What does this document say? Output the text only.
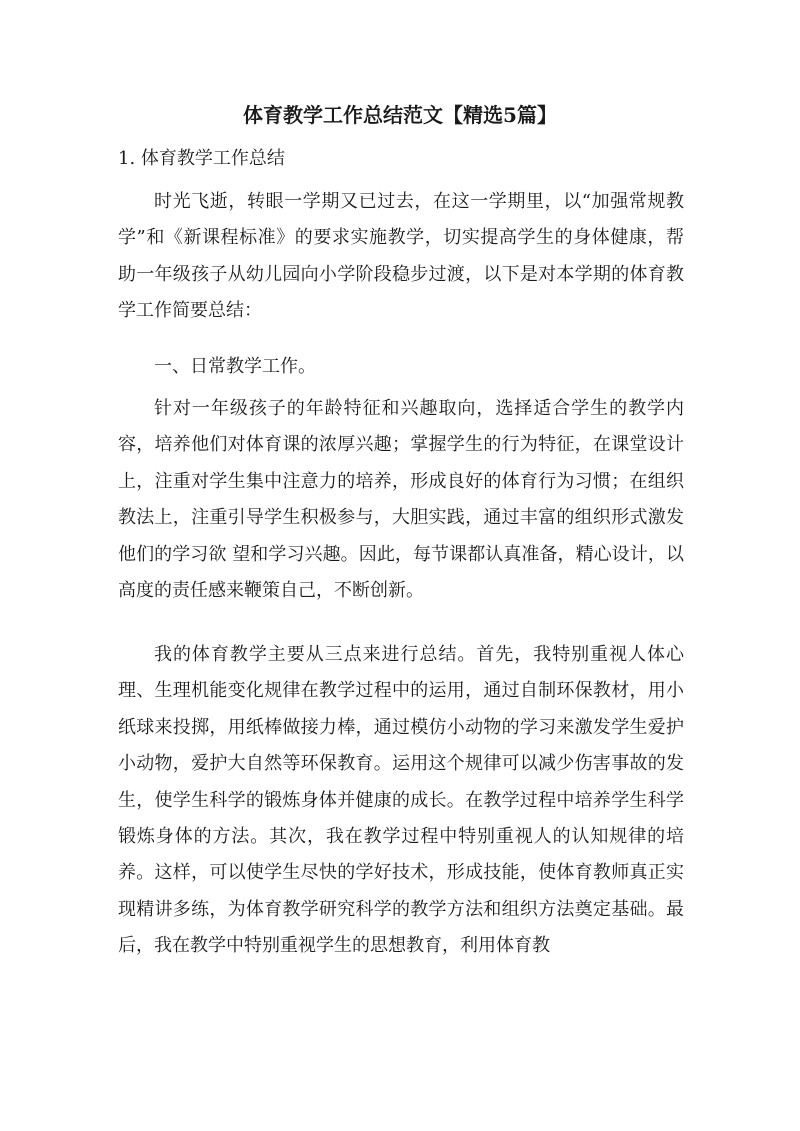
体育教学工作总结范文【精选5篇】
1. 体育教学工作总结

时光飞逝，转眼一学期又已过去，在这一学期里，以“加强常规教学”和《新课程标准》的要求实施教学，切实提高学生的身体健康，帮助一年级孩子从幼儿园向小学阶段稳步过渡，以下是对本学期的体育教学工作简要总结：

一、日常教学工作。

针对一年级孩子的年龄特征和兴趣取向，选择适合学生的教学内容，培养他们对体育课的浓厚兴趣；掌握学生的行为特征，在课堂设计上，注重对学生集中注意力的培养，形成良好的体育行为习惯；在组织教法上，注重引导学生积极参与，大胆实践，通过丰富的组织形式激发他们的学习欲 望和学习兴趣。因此，每节课都认真准备，精心设计，以高度的责任感来鞭策自己，不断创新。

我的体育教学主要从三点来进行总结。首先，我特别重视人体心理、生理机能变化规律在教学过程中的运用，通过自制环保教材，用小纸球来投掷，用纸棒做接力棒，通过模仿小动物的学习来激发学生爱护小动物，爱护大自然等环保教育。运用这个规律可以减少伤害事故的发生，使学生科学的锻炼身体并健康的成长。在教学过程中培养学生科学锻炼身体的方法。其次，我在教学过程中特别重视人的认知规律的培养。这样，可以使学生尽快的学好技术，形成技能，使体育教师真正实现精讲多练，为体育教学研究科学的教学方法和组织方法奠定基础。最后，我在教学中特别重视学生的思想教育，利用体育教
